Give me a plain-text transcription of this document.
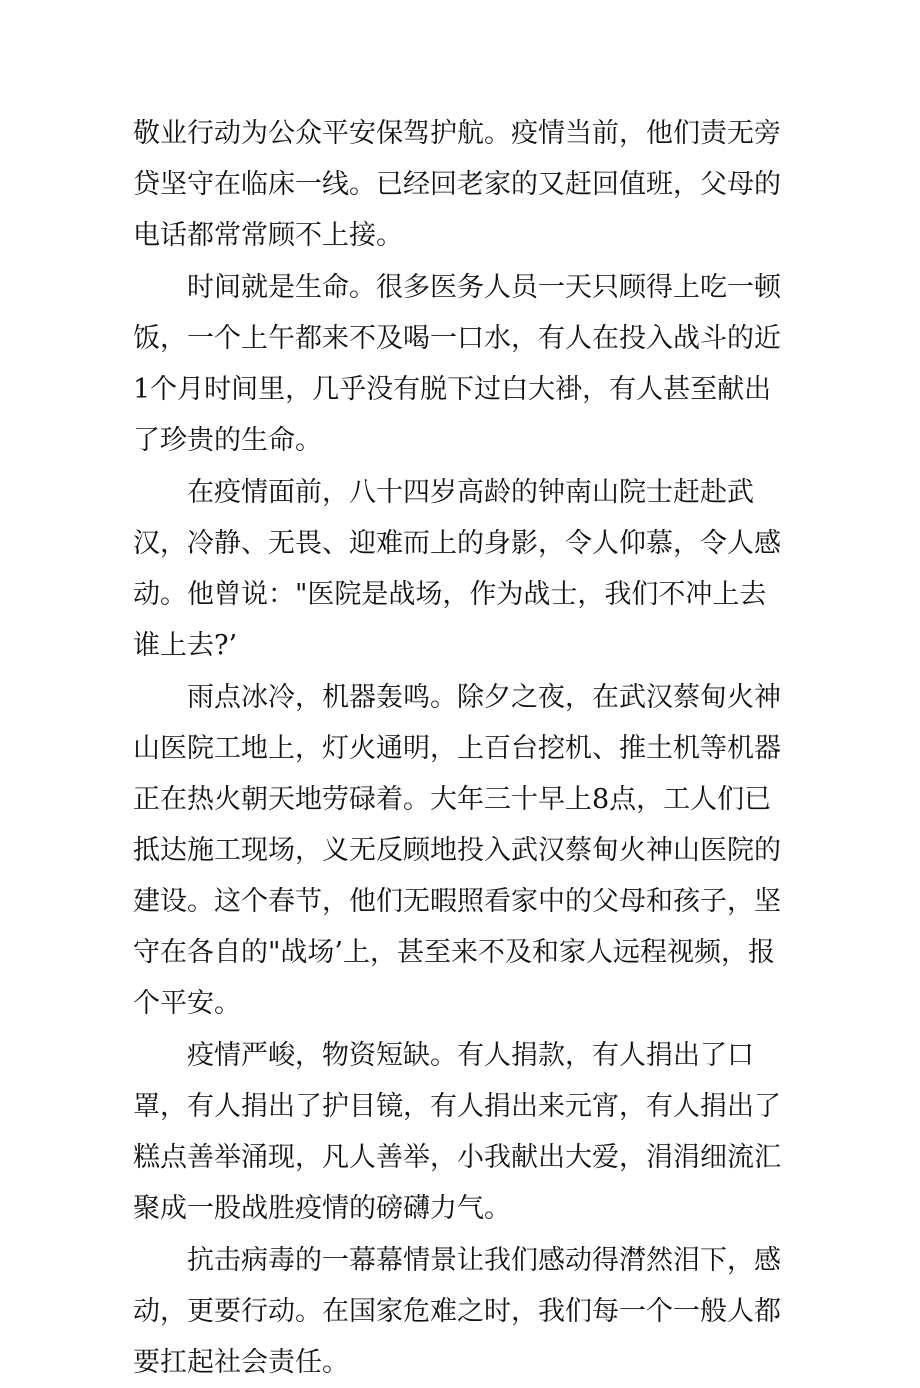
敬业行动为公众平安保驾护航。疫情当前，他们责无旁贷坚守在临床一线。已经回老家的又赶回值班，父母的电话都常常顾不上接。

时间就是生命。很多医务人员一天只顾得上吃一顿饭，一个上午都来不及喝一口水，有人在投入战斗的近1个月时间里，几乎没有脱下过白大褂，有人甚至献出了珍贵的生命。

在疫情面前，八十四岁高龄的钟南山院士赶赴武汉，冷静、无畏、迎难而上的身影，令人仰慕，令人感动。他曾说："医院是战场，作为战士，我们不冲上去谁上去?’

雨点冰冷，机器轰鸣。除夕之夜，在武汉蔡甸火神山医院工地上，灯火通明，上百台挖机、推土机等机器正在热火朝天地劳碌着。大年三十早上8点，工人们已抵达施工现场，义无反顾地投入武汉蔡甸火神山医院的建设。这个春节，他们无暇照看家中的父母和孩子，坚守在各自的"战场’上，甚至来不及和家人远程视频，报个平安。

疫情严峻，物资短缺。有人捐款，有人捐出了口罩，有人捐出了护目镜，有人捐出来元宵，有人捐出了糕点善举涌现，凡人善举，小我献出大爱，涓涓细流汇聚成一股战胜疫情的磅礴力气。

抗击病毒的一幕幕情景让我们感动得潸然泪下，感动，更要行动。在国家危难之时，我们每一个一般人都要扛起社会责任。
